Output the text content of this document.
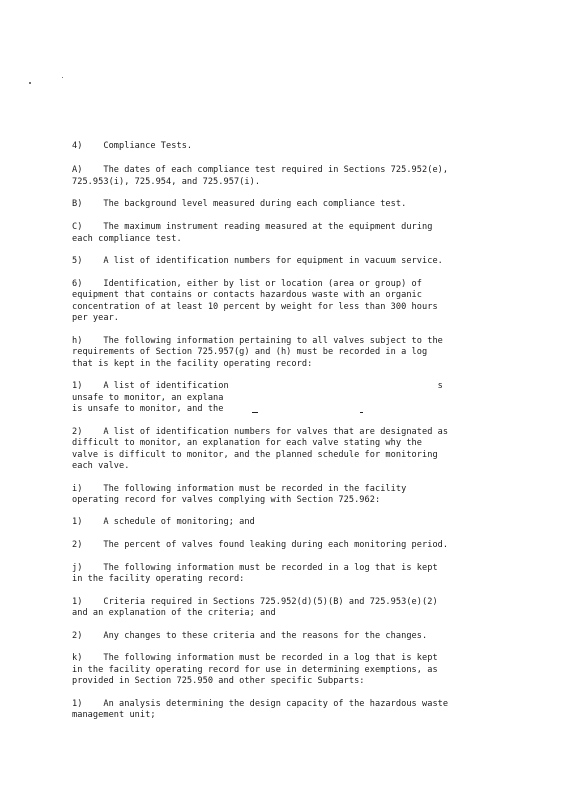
4)    Compliance Tests.
A)    The dates of each compliance test required in Sections 725.952(e),
725.953(i), 725.954, and 725.957(i).
B)    The background level measured during each compliance test.
C)    The maximum instrument reading measured at the equipment during
each compliance test.
5)    A list of identification numbers for equipment in vacuum service.
6)    Identification, either by list or location (area or group) of
equipment that contains or contacts hazardous waste with an organic
concentration of at least 10 percent by weight for less than 300 hours
per year.
h)    The following information pertaining to all valves subject to the
requirements of Section 725.957(g) and (h) must be recorded in a log
that is kept in the facility operating record:
1)    A list of identification                                        s
unsafe to monitor, an explana
is unsafe to monitor, and the
2)    A list of identification numbers for valves that are designated as
difficult to monitor, an explanation for each valve stating why the
valve is difficult to monitor, and the planned schedule for monitoring
each valve.
i)    The following information must be recorded in the facility
operating record for valves complying with Section 725.962:
1)    A schedule of monitoring; and
2)    The percent of valves found leaking during each monitoring period.
j)    The following information must be recorded in a log that is kept
in the facility operating record:
1)    Criteria required in Sections 725.952(d)(5)(B) and 725.953(e)(2)
and an explanation of the criteria; and
2)    Any changes to these criteria and the reasons for the changes.
k)    The following information must be recorded in a log that is kept
in the facility operating record for use in determining exemptions, as
provided in Section 725.950 and other specific Subparts:
1)    An analysis determining the design capacity of the hazardous waste
management unit;
